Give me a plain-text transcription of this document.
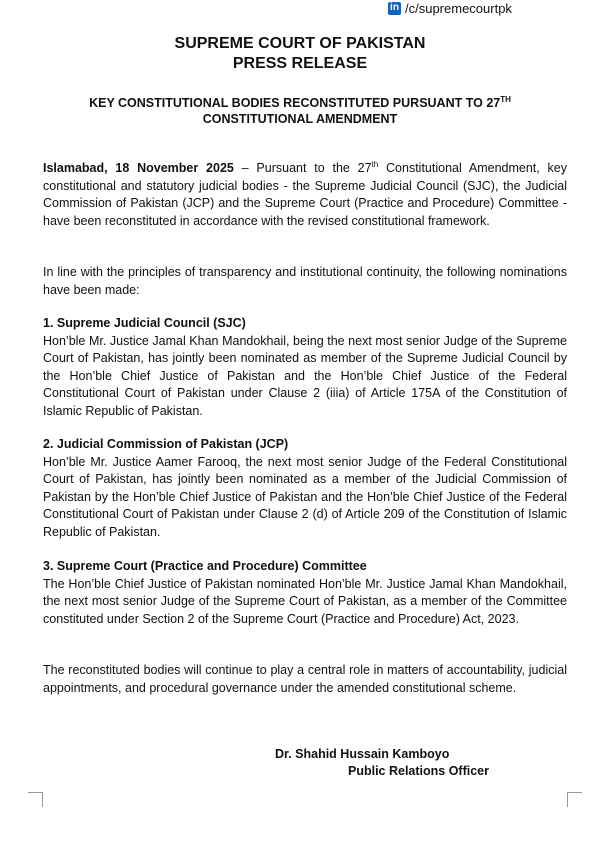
in /c/supremecourtpk
SUPREME COURT OF PAKISTAN
PRESS RELEASE
KEY CONSTITUTIONAL BODIES RECONSTITUTED PURSUANT TO 27TH
CONSTITUTIONAL AMENDMENT

Islamabad, 18 November 2025 – Pursuant to the 27th Constitutional Amendment, key constitutional and statutory judicial bodies - the Supreme Judicial Council (SJC), the Judicial Commission of Pakistan (JCP) and the Supreme Court (Practice and Procedure) Committee - have been reconstituted in accordance with the revised constitutional framework.

In line with the principles of transparency and institutional continuity, the following nominations have been made:

1. Supreme Judicial Council (SJC)

Hon’ble Mr. Justice Jamal Khan Mandokhail, being the next most senior Judge of the Supreme Court of Pakistan, has jointly been nominated as member of the Supreme Judicial Council by the Hon’ble Chief Justice of Pakistan and the Hon’ble Chief Justice of the Federal Constitutional Court of Pakistan under Clause 2 (iiia) of Article 175A of the Constitution of Islamic Republic of Pakistan.

2. Judicial Commission of Pakistan (JCP)

Hon’ble Mr. Justice Aamer Farooq, the next most senior Judge of the Federal Constitutional Court of Pakistan, has jointly been nominated as a member of the Judicial Commission of Pakistan by the Hon’ble Chief Justice of Pakistan and the Hon’ble Chief Justice of the Federal Constitutional Court of Pakistan under Clause 2 (d) of Article 209 of the Constitution of Islamic Republic of Pakistan.

3. Supreme Court (Practice and Procedure) Committee

The Hon’ble Chief Justice of Pakistan nominated Hon’ble Mr. Justice Jamal Khan Mandokhail, the next most senior Judge of the Supreme Court of Pakistan, as a member of the Committee constituted under Section 2 of the Supreme Court (Practice and Procedure) Act, 2023.

The reconstituted bodies will continue to play a central role in matters of accountability, judicial appointments, and procedural governance under the amended constitutional scheme.

Dr. Shahid Hussain Kamboyo
Public Relations Officer
